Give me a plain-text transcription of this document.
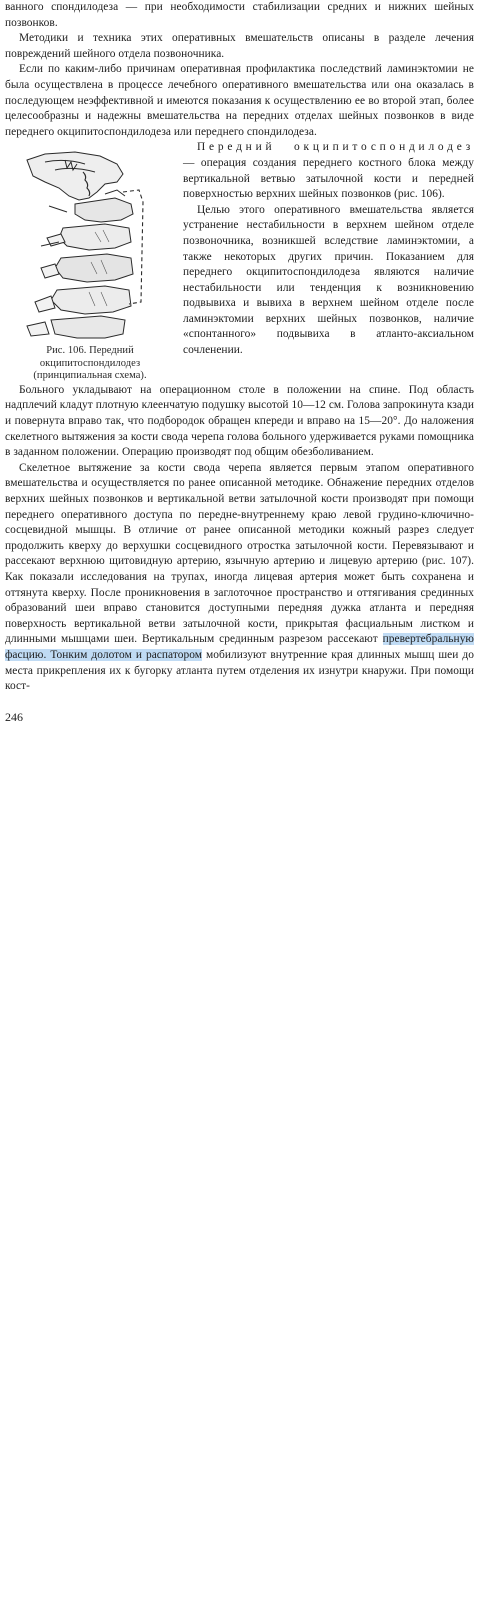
ванного спондилодеза — при необходимости стабилизации средних и нижних шейных позвонков.

Методики и техника этих оперативных вмешательств описаны в разделе лечения повреждений шейного отдела позвоночника.

Если по каким-либо причинам оперативная профилактика последствий ламинэктомии не была осуществлена в процессе лечебного оперативного вмешательства или она оказалась в последующем неэффективной и имеются показания к осуществлению ее во второй этап, более целесообразны и надежны вмешательства на передних отделах шейных позвонков в виде переднего окципитоспондилодеза или переднего спондилодеза.

Рис. 106. Передний окципитоспондилодез (принципиальная схема).

Передний окципитоспондилодез — операция создания переднего костного блока между вертикальной ветвью затылочной кости и передней поверхностью верхних шейных позвонков (рис. 106).

Целью этого оперативного вмешательства является устранение нестабильности в верхнем шейном отделе позвоночника, возникшей вследствие ламинэктомии, а также некоторых других причин. Показанием для переднего окципитоспондилодеза являются наличие нестабильности или тенденция к возникновению подвывиха и вывиха в верхнем шейном отделе после ламинэктомии верхних шейных позвонков, наличие «спонтанного» подвывиха в атланто-аксиальном сочленении.

Больного укладывают на операционном столе в положении на спине. Под область надплечий кладут плотную клеенчатую подушку высотой 10—12 см. Голова запрокинута кзади и повернута вправо так, что подбородок обращен кпереди и вправо на 15—20°. До наложения скелетного вытяжения за кости свода черепа голова больного удерживается руками помощника в заданном положении. Операцию производят под общим обезболиванием.

Скелетное вытяжение за кости свода черепа является первым этапом оперативного вмешательства и осуществляется по ранее описанной методике. Обнажение передних отделов верхних шейных позвонков и вертикальной ветви затылочной кости производят при помощи переднего оперативного доступа по передне-внутреннему краю левой грудино-ключично-сосцевидной мышцы. В отличие от ранее описанной методики кожный разрез следует продолжить кверху до верхушки сосцевидного отростка затылочной кости. Перевязывают и рассекают верхнюю щитовидную артерию, язычную артерию и лицевую артерию (рис. 107). Как показали исследования на трупах, иногда лицевая артерия может быть сохранена и оттянута кверху. После проникновения в заглоточное пространство и оттягивания срединных образований шеи вправо становится доступными передняя дужка атланта и передняя поверхность вертикальной ветви затылочной кости, прикрытая фасциальным листком и длинными мышцами шеи. Вертикальным срединным разрезом рассекают превертебральную фасцию. Тонким долотом и распатором мобилизуют внутренние края длинных мышц шеи до места прикрепления их к бугорку атланта путем отделения их изнутри кнаружи. При помощи кост-

246
